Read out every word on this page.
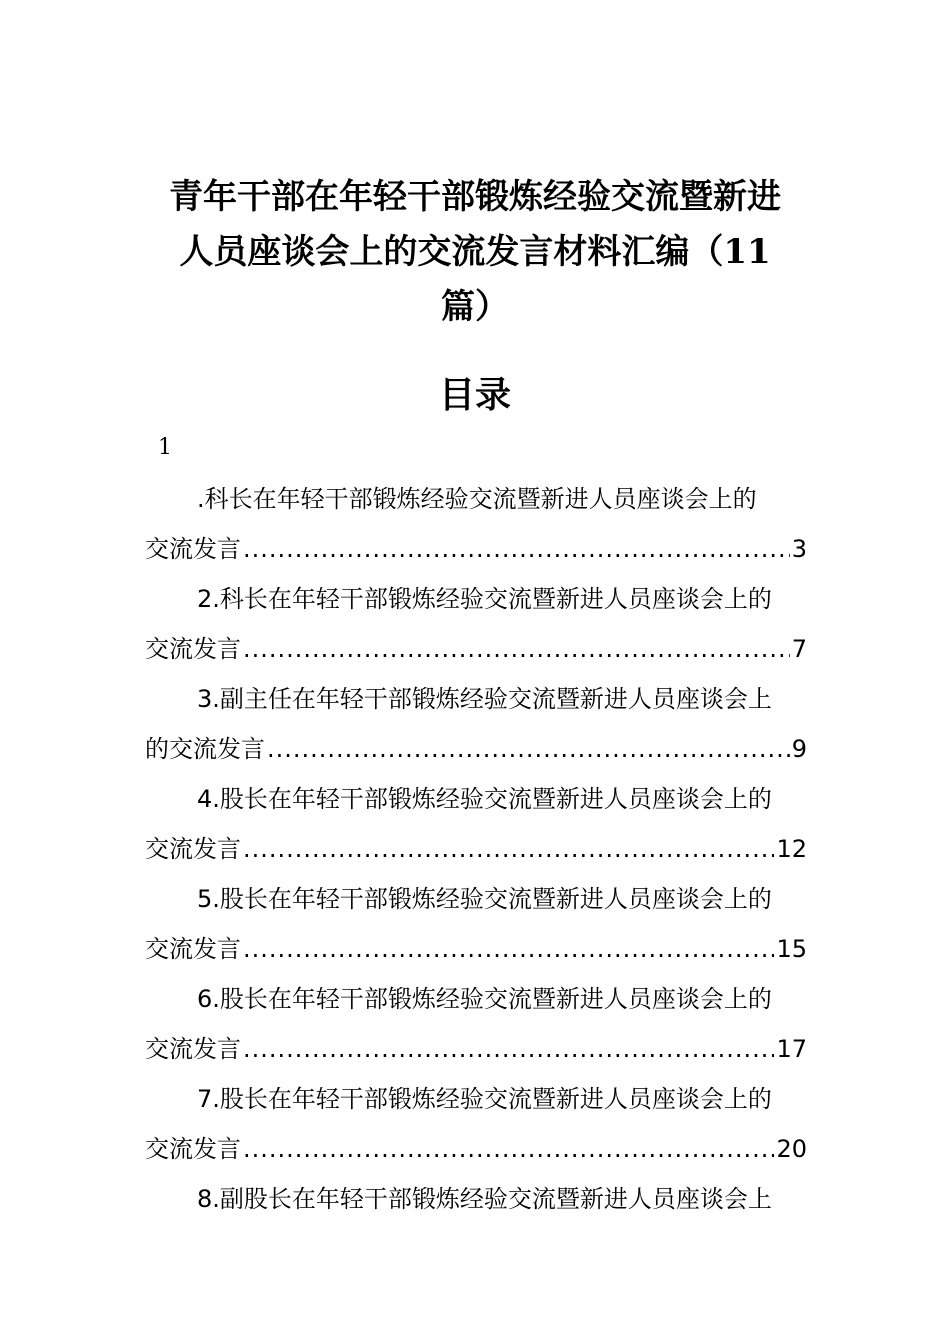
青年干部在年轻干部锻炼经验交流暨新进
人员座谈会上的交流发言材料汇编（11
篇）
目录
1
.科长在年轻干部锻炼经验交流暨新进人员座谈会上的
交流发言 .....	3
2.科长在年轻干部锻炼经验交流暨新进人员座谈会上的
交流发言 .....	7
3.副主任在年轻干部锻炼经验交流暨新进人员座谈会上
的交流发言 .....	9
4.股长在年轻干部锻炼经验交流暨新进人员座谈会上的
交流发言 .....	12
5.股长在年轻干部锻炼经验交流暨新进人员座谈会上的
交流发言 .....	15
6.股长在年轻干部锻炼经验交流暨新进人员座谈会上的
交流发言 .....	17
7.股长在年轻干部锻炼经验交流暨新进人员座谈会上的
交流发言 .....	20
8.副股长在年轻干部锻炼经验交流暨新进人员座谈会上
